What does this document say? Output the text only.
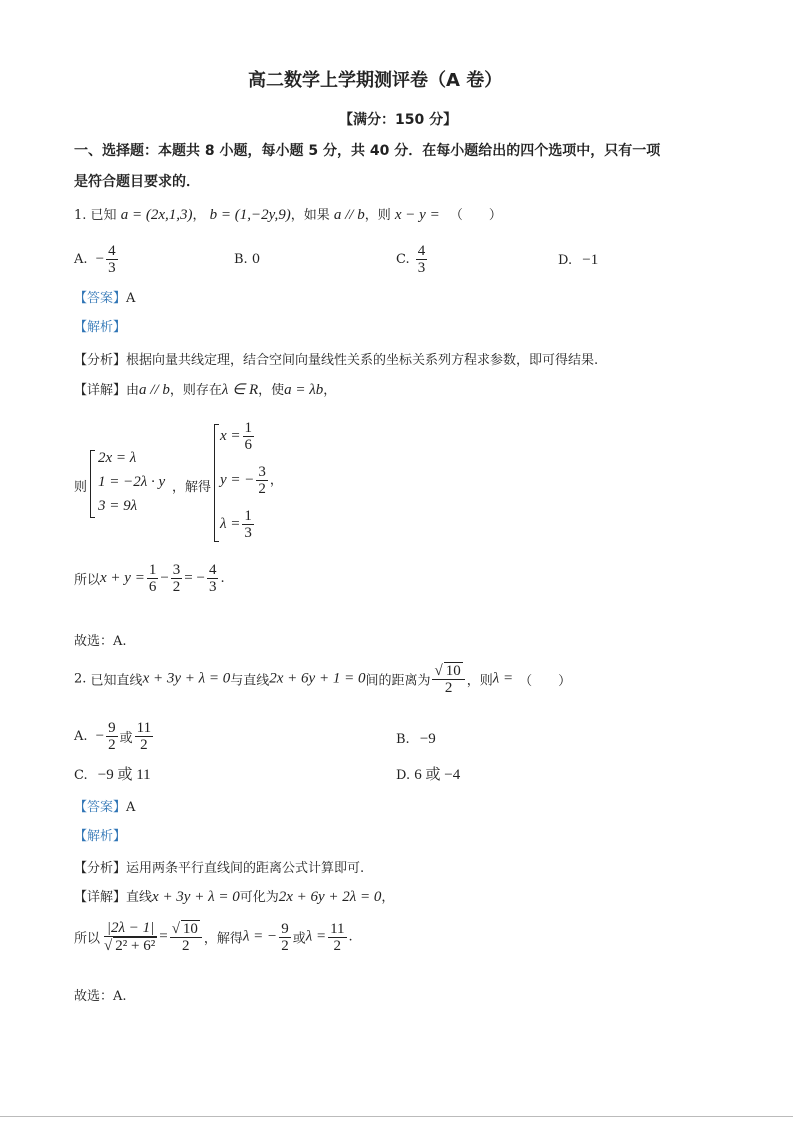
高二数学上学期测评卷（A 卷）
【满分：150 分】
一、选择题：本题共 8 小题，每小题 5 分，共 40 分．在每小题给出的四个选项中，只有一项
是符合题目要求的．
1. 已知 a = (2x,1,3)， b = (1,−2y,9)，如果 a // b，则 x − y = （　　）
A. − $\frac{4}{3}$	B. 0	C. $\frac{4}{3}$	D. −1
【答案】A
【解析】
【分析】根据向量共线定理，结合空间向量线性关系的坐标关系列方程求参数，即可得结果.
【详解】由a // b，则存在λ ∈ R，使a = λb，
则
2x = λ
1 = −2λ · y
3 = 9λ
，解得
$x = \frac{1}{6}$
y = − $\frac{3}{2}$ ，
$\lambda = \frac{1}{3}$
所以$x + y = \frac{1}{6} - \frac{3}{2}$ = − $\frac{4}{3}$ .
故选：A.
2. 已知直线x + 3y + λ = 0与直线2x + 6y + 1 = 0间的距离为 $\frac{√ 10}{2}$ ，则λ = （　　）
A. − $\frac{9}{2}$ 或 $\frac{11}{2}$	B. −9
C. −9 或 11	D. 6 或 −4
【答案】A
【解析】
【分析】运用两条平行直线间的距离公式计算即可.
【详解】直线x + 3y + λ = 0可化为2x + 6y + 2λ = 0，
所以 $\frac{|2\lambda - 1|}{\text{√ 2² + 6²}} = \frac{√ 10}{2}$ ，解得λ = − $\frac{9}{2}$ 或$\lambda = \frac{11}{2}$ .
故选：A.
